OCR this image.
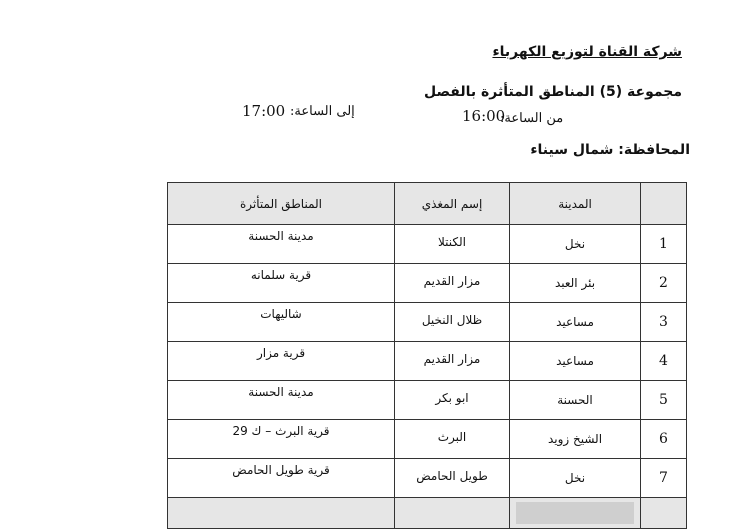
شركة القناة لتوزيع الكهرباء
مجموعة (5) المناطق المتأثرة بالفصل
من الساعة:
16:00
إلى الساعة:
17:00
المحافظة: شمال سيناء
المناطق المتأثرة	إسم المغذي	المدينة	
مدينة الحسنة	الكنتلا	نخل	1
قرية سلمانه	مزار القديم	بئر العبد	2
شاليهات	ظلال النخيل	مساعيد	3
قرية مزار	مزار القديم	مساعيد	4
مدينة الحسنة	ابو بكر	الحسنة	5
قرية البرث – ك 29	البرث	الشيخ زويد	6
قرية طويل الحامض	طويل الحامض	نخل	7
